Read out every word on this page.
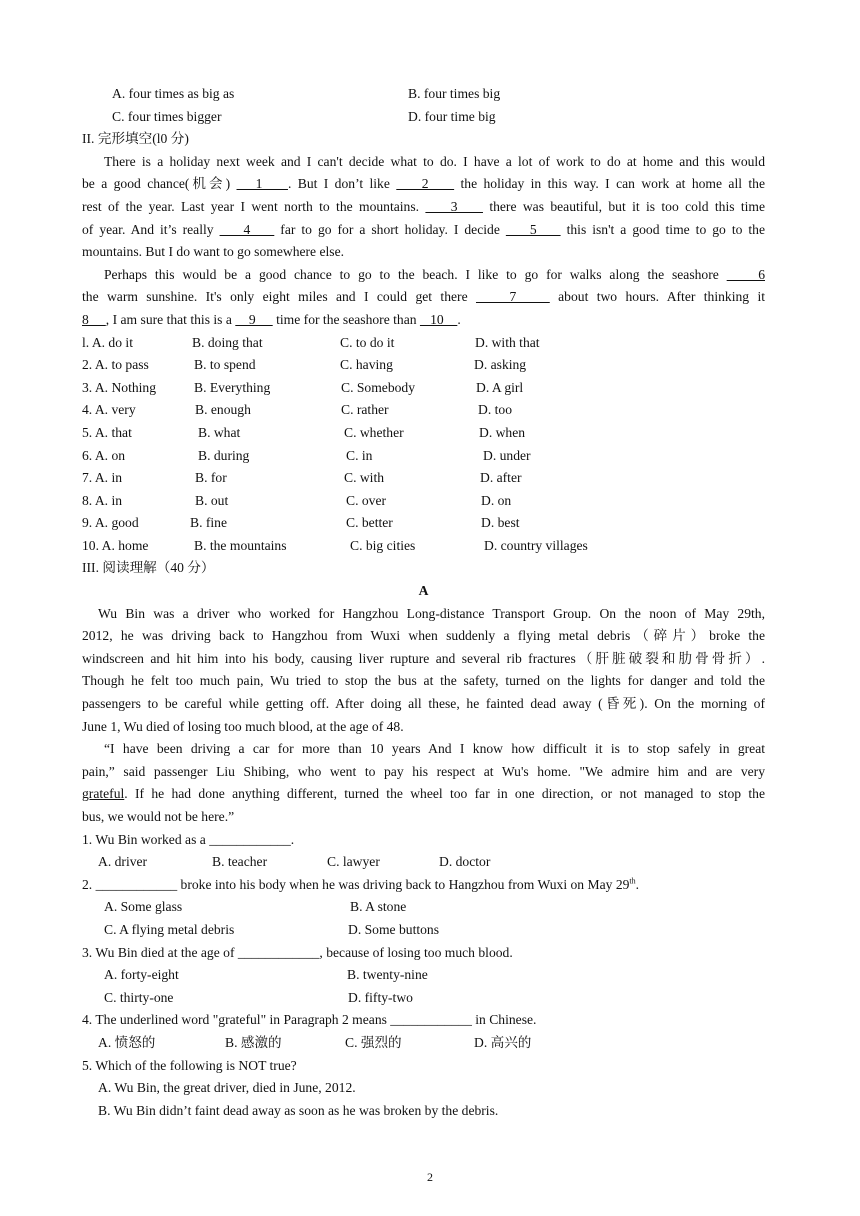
A. four times as big as	B. four times big
C. four times bigger	D. four time big
II. 完形填空(l0 分)
There is a holiday next week and I can't decide what to do. I have a lot of work to do at home and this would
be a good chance(机会)    1    . But I don’t like     2     the holiday in this way. I can work at home all the
rest of the year. Last year I went north to the mountains.     3     there was beautiful, but it is too cold this time
of year. And it’s really     4     far to go for a short holiday. I decide     5     this isn't a good time to go to the
mountains. But I do want to go somewhere else.
Perhaps this would be a good chance to go to the beach. I like to go for walks along the seashore     6
the warm sunshine. It's only eight miles and I could get there     7     about two hours. After thinking it
8     , I am sure that this is a     9      time for the seashore than    10    .
l. A. do it	B. doing that	C. to do it	D. with that
2. A. to pass	B. to spend	C. having	D. asking
3. A. Nothing	B. Everything	C. Somebody	D. A girl
4. A. very	B. enough	C. rather	D. too
5. A. that	B. what	C. whether	D. when
6. A. on	B. during	C. in	D. under
7. A. in	B. for	C. with	D. after
8. A. in	B. out	C. over	D. on
9. A. good	B. fine	C. better	D. best
10. A. home	B. the mountains	C. big cities	D. country villages
III. 阅读理解（40 分）
A
Wu Bin was a driver who worked for Hangzhou Long-distance Transport Group. On the noon of May 29th,
2012, he was driving back to Hangzhou from Wuxi when suddenly a flying metal debris（碎片）broke the
windscreen and hit him into his body, causing liver rupture and several rib fractures（肝脏破裂和肋骨骨折）.
Though he felt too much pain, Wu tried to stop the bus at the safety, turned on the lights for danger and told the
passengers to be careful while getting off. After doing all these, he fainted dead away (昏死). On the morning of
June 1, Wu died of losing too much blood, at the age of 48.
“I have been driving a car for more than 10 years And I know how difficult it is to stop safely in great
pain,” said passenger Liu Shibing, who went to pay his respect at Wu's home. "We admire him and are very
grateful. If he had done anything different, turned the wheel too far in one direction, or not managed to stop the
bus, we would not be here.”
1. Wu Bin worked as a ____________.
A. driver	B. teacher	C. lawyer	D. doctor
2. ____________ broke into his body when he was driving back to Hangzhou from Wuxi on May 29th.
A. Some glass	B. A stone
C. A flying metal debris	D. Some buttons
3. Wu Bin died at the age of ____________, because of losing too much blood.
A. forty-eight	B. twenty-nine
C. thirty-one	D. fifty-two
4. The underlined word "grateful" in Paragraph 2 means ____________ in Chinese.
A. 愤怒的	B. 感激的	C. 强烈的	D. 高兴的
5. Which of the following is NOT true?
A. Wu Bin, the great driver, died in June, 2012.
B. Wu Bin didn’t faint dead away as soon as he was broken by the debris.
2
